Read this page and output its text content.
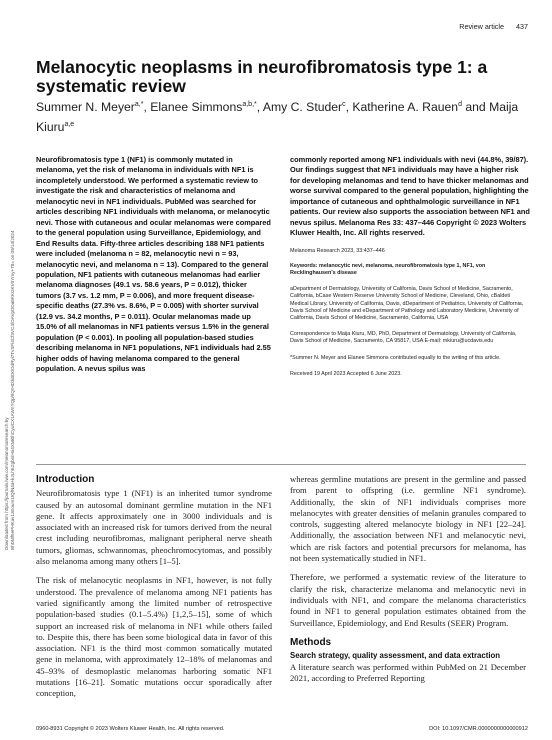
Review article 437
Downloaded from https://journals.lww.com/melanomaresearch by BhDMf5ePHKav1zEoum1tQfN4a+kJLhEZgbsIHo4XMi0hCywCX1AWnYQp/IlQrHD3i3D0OdRyi7TvSFl4Cf3VC4/OAVpDDa8KKGKV0Ymy+78= on 09/14/2024
Melanocytic neoplasms in neurofibromatosis type 1: a systematic review
Summer N. Meyer$^{a,*}$, Elanee Simmons$^{a,b,*}$, Amy C. Studer$^c$, Katherine A. Rauen$^d$ and Maija Kiuru$^{a,e}$
Neurofibromatosis type 1 (NF1) is commonly mutated in melanoma, yet the risk of melanoma in individuals with NF1 is incompletely understood. We performed a systematic review to investigate the risk and characteristics of melanoma and melanocytic nevi in NF1 individuals. PubMed was searched for articles describing NF1 individuals with melanoma, or melanocytic nevi. Those with cutaneous and ocular melanomas were compared to the general population using Surveillance, Epidemiology, and End Results data. Fifty-three articles describing 188 NF1 patients were included (melanoma n = 82, melanocytic nevi n = 93, melanocytic nevi, and melanoma n = 13). Compared to the general population, NF1 patients with cutaneous melanomas had earlier melanoma diagnoses (49.1 vs. 58.6 years, P = 0.012), thicker tumors (3.7 vs. 1.2 mm, P = 0.006), and more frequent disease-specific deaths (27.3% vs. 8.6%, P = 0.005) with shorter survival (12.9 vs. 34.2 months, P = 0.011). Ocular melanomas made up 15.0% of all melanomas in NF1 patients versus 1.5% in the general population (P < 0.001). In pooling all population-based studies describing melanoma in NF1 populations, NF1 individuals had 2.55 higher odds of having melanoma compared to the general population. A nevus spilus was
commonly reported among NF1 individuals with nevi (44.8%, 39/87). Our findings suggest that NF1 individuals may have a higher risk for developing melanomas and tend to have thicker melanomas and worse survival compared to the general population, highlighting the importance of cutaneous and ophthalmologic surveillance in NF1 patients. Our review also supports the association between NF1 and nevus spilus. Melanoma Res 33: 437–446 Copyright © 2023 Wolters Kluwer Health, Inc. All rights reserved.
Melanoma Research 2023, 33:437–446
Keywords: melanocytic nevi, melanoma, neurofibromatosis type 1, NF1, von Recklinghausen's disease
aDepartment of Dermatology, University of California, Davis School of Medicine, Sacramento, California, bCase Western Reserve University School of Medicine, Cleveland, Ohio, cBaldeti Medical Library, University of California, Davis, dDepartment of Pediatrics, University of California, Davis School of Medicine and eDepartment of Pathology and Laboratory Medicine, University of California, Davis School of Medicine, Sacramento, California, USA
Correspondence to Maija Kiuru, MD, PhD, Department of Dermatology, University of California, Davis School of Medicine, Sacramento, CA 95817, USA E-mail: mkiuru@ucdavis.edu
*Summer N. Meyer and Elanee Simmons contributed equally to the writing of this article.
Received 19 April 2023 Accepted 6 June 2023.
Introduction

Neurofibromatosis type 1 (NF1) is an inherited tumor syndrome caused by an autosomal dominant germline mutation in the NF1 gene. It affects approximately one in 3000 individuals and is associated with an increased risk for tumors derived from the neural crest including neurofibromas, malignant peripheral nerve sheath tumors, gliomas, schwannomas, pheochromocytomas, and possibly also melanoma among many others [1–5].

The risk of melanocytic neoplasms in NF1, however, is not fully understood. The prevalence of melanoma among NF1 patients has varied significantly among the limited number of retrospective population-based studies (0.1–5.4%) [1,2,5–15], some of which support an increased risk of melanoma in NF1 while others failed to. Despite this, there has been some biological data in favor of this association. NF1 is the third most common somatically mutated gene in melanoma, with approximately 12–18% of melanomas and 45–93% of desmoplastic melanomas harboring somatic NF1 mutations [16–21]. Somatic mutations occur sporadically after conception,

whereas germline mutations are present in the germline and passed from parent to offspring (i.e. germline NF1 syndrome). Additionally, the skin of NF1 individuals comprises more melanocytes with greater densities of melanin granules compared to controls, suggesting altered melanocyte biology in NF1 [22–24]. Additionally, the association between NF1 and melanocytic nevi, which are risk factors and potential precursors for melanoma, has not been systematically studied in NF1.

Therefore, we performed a systematic review of the literature to clarify the risk, characterize melanoma and melanocytic nevi in individuals with NF1, and compare the melanoma characteristics found in NF1 to general population estimates obtained from the Surveillance, Epidemiology, and End Results (SEER) Program.

Methods
Search strategy, quality assessment, and data extraction

A literature search was performed within PubMed on 21 December 2021, according to Preferred Reporting

0960-8931 Copyright © 2023 Wolters Kluwer Health, Inc. All rights reserved.	DOI: 10.1097/CMR.0000000000000912
